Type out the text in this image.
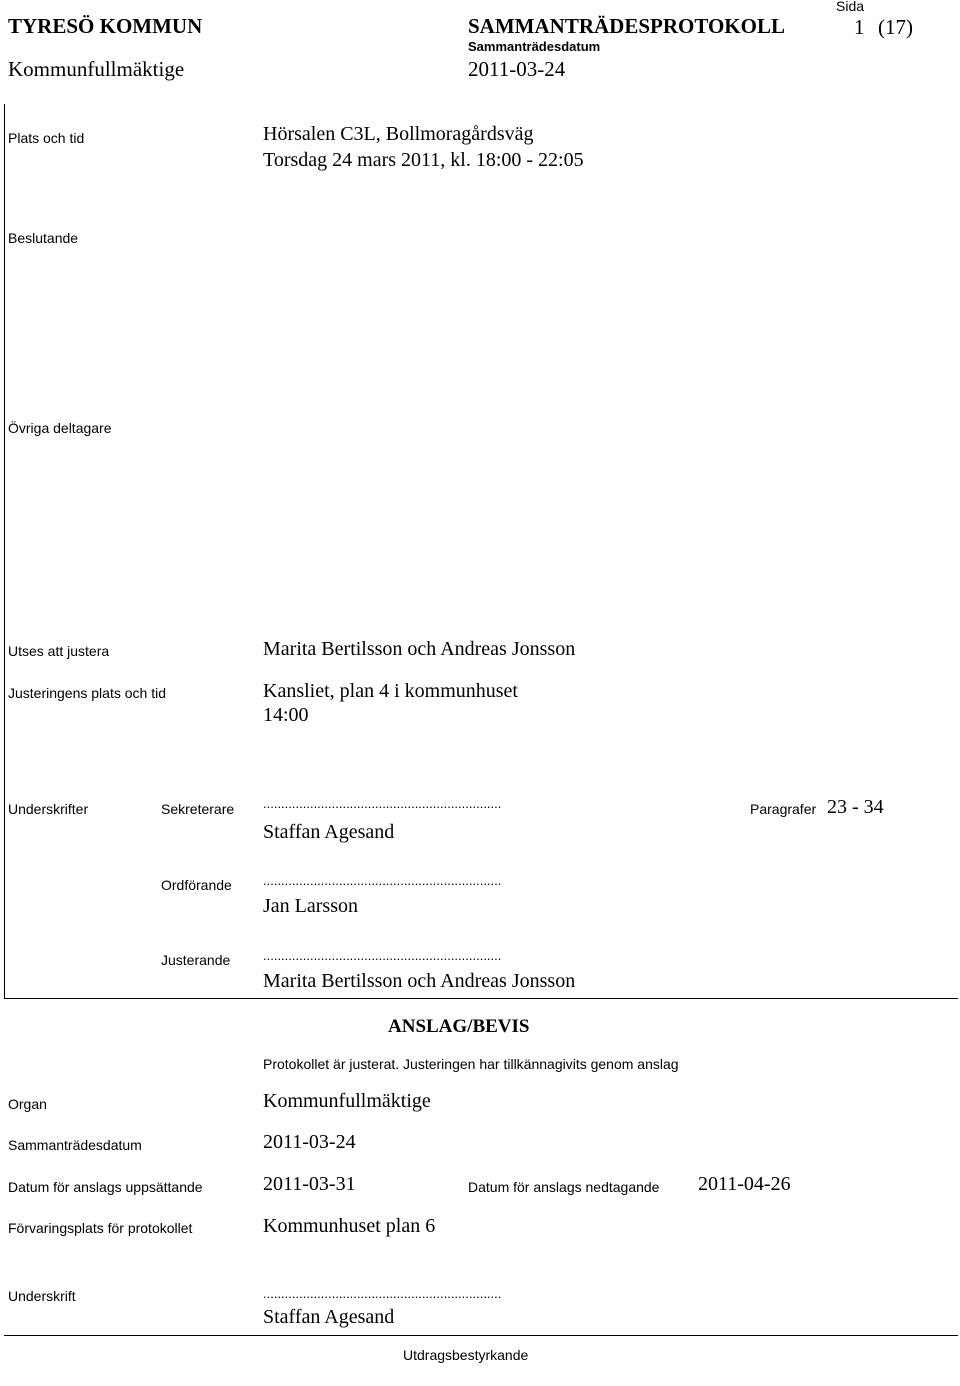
TYRESÖ KOMMUN	SAMMANTRÄDESPROTOKOLL
Sida
1 (17)
Kommunfullmäktige
Sammanträdesdatum
2011-03-24
Plats och tid	Hörsalen C3L, Bollmoragårdsväg
Torsdag 24 mars 2011, kl. 18:00 - 22:05
Beslutande
Övriga deltagare
Utses att justera	Marita Bertilsson och Andreas Jonsson
Justeringens plats och tid	Kansliet, plan 4 i kommunhuset
14:00
Underskrifter	Sekreterare ..................................................................
Staffan Agesand
Paragrafer 23 - 34
Ordförande ..................................................................
Jan Larsson
Justerande	..................................................................
Marita Bertilsson och Andreas Jonsson
ANSLAG/BEVIS
Protokollet är justerat. Justeringen har tillkännagivits genom anslag
Organ	Kommunfullmäktige
Sammanträdesdatum	2011-03-24
Datum för anslags uppsättande	2011-03-31	Datum för anslags nedtagande 2011-04-26
Förvaringsplats för protokollet	Kommunhuset plan 6
Underskrift	..................................................................
Staffan Agesand
Utdragsbestyrkande
